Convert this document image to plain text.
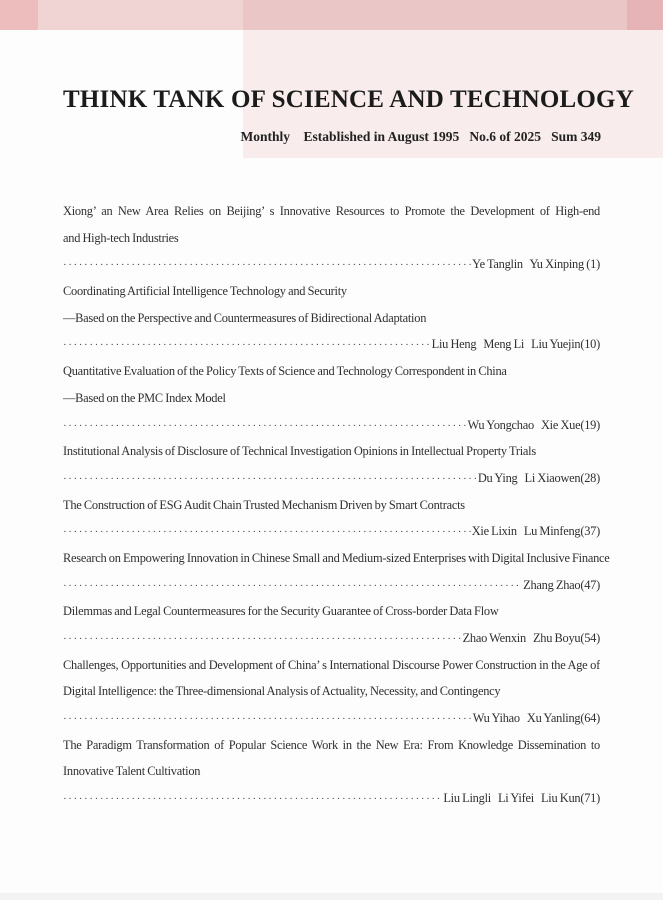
THINK TANK OF SCIENCE AND TECHNOLOGY
Monthly    Established in August 1995   No.6 of 2025   Sum 349

Xiong’ an New Area Relies on Beijing’ s Innovative Resources to Promote the Development of High-end

and High-tech Industries

·····
Ye Tanglin   Yu Xinping (1)

Coordinating Artificial Intelligence Technology and Security

—Based on the Perspective and Countermeasures of Bidirectional Adaptation

·····
Liu Heng   Meng Li   Liu Yuejin(10)

Quantitative Evaluation of the Policy Texts of Science and Technology Correspondent in China

—Based on the PMC Index Model

·····
Wu Yongchao   Xie Xue(19)

Institutional Analysis of Disclosure of Technical Investigation Opinions in Intellectual Property Trials

·····
Du Ying   Li Xiaowen(28)

The Construction of ESG Audit Chain Trusted Mechanism Driven by Smart Contracts

·····
Xie Lixin   Lu Minfeng(37)

Research on Empowering Innovation in Chinese Small and Medium-sized Enterprises with Digital Inclusive Finance

·····
Zhang Zhao(47)

Dilemmas and Legal Countermeasures for the Security Guarantee of Cross-border Data Flow

·····
Zhao Wenxin   Zhu Boyu(54)

Challenges, Opportunities and Development of China’ s International Discourse Power Construction in the Age of

Digital Intelligence: the Three-dimensional Analysis of Actuality, Necessity, and Contingency

·····
Wu Yihao   Xu Yanling(64)

The Paradigm Transformation of Popular Science Work in the New Era: From Knowledge Dissemination to

Innovative Talent Cultivation

·····
Liu Lingli   Li Yifei   Liu Kun(71)
